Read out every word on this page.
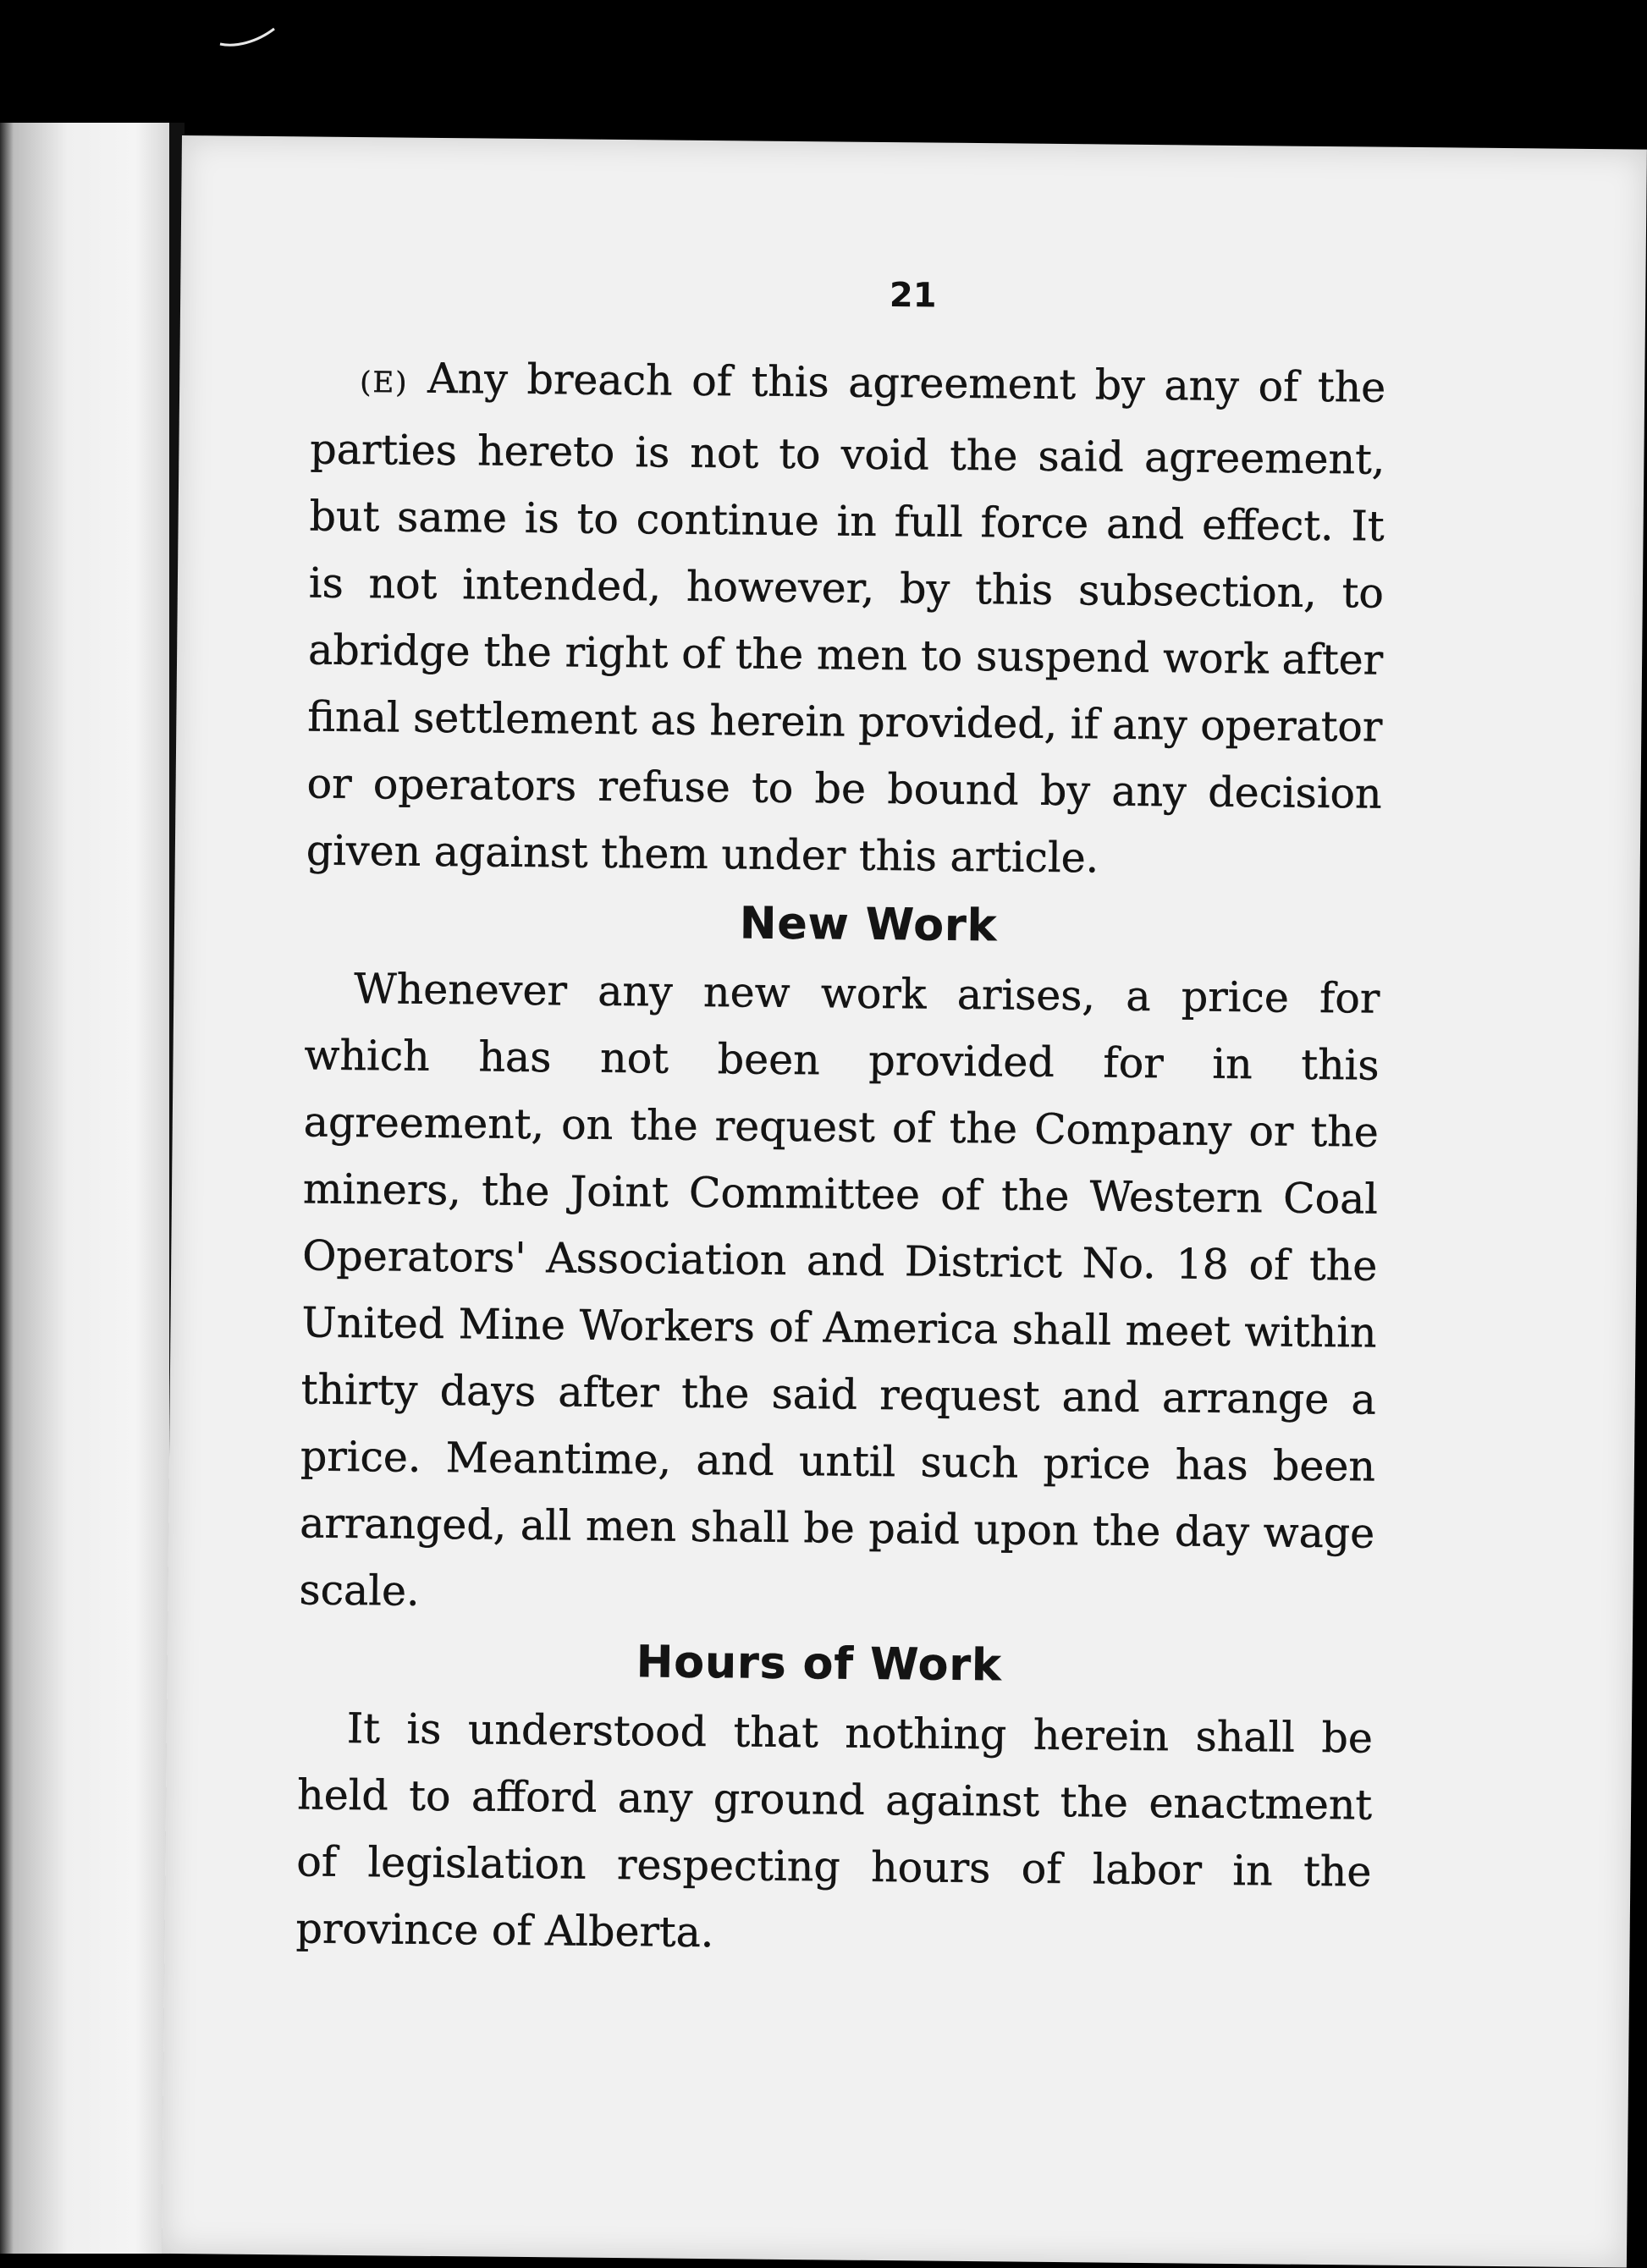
21

(E) Any breach of this agreement by any of the parties hereto is not to void the said agreement, but same is to continue in full force and effect. It is not intended, however, by this subsection, to abridge the right of the men to suspend work after final settlement as herein provided, if any operator or operators refuse to be bound by any decision given against them under this article.

New Work

Whenever any new work arises, a price for which has not been provided for in this agreement, on the request of the Company or the miners, the Joint Committee of the Western Coal Operators' Association and District No. 18 of the United Mine Workers of America shall meet within thirty days after the said request and arrange a price. Meantime, and until such price has been arranged, all men shall be paid upon the day wage scale.

Hours of Work

It is understood that nothing herein shall be held to afford any ground against the enactment of legislation respecting hours of labor in the province of Alberta.
